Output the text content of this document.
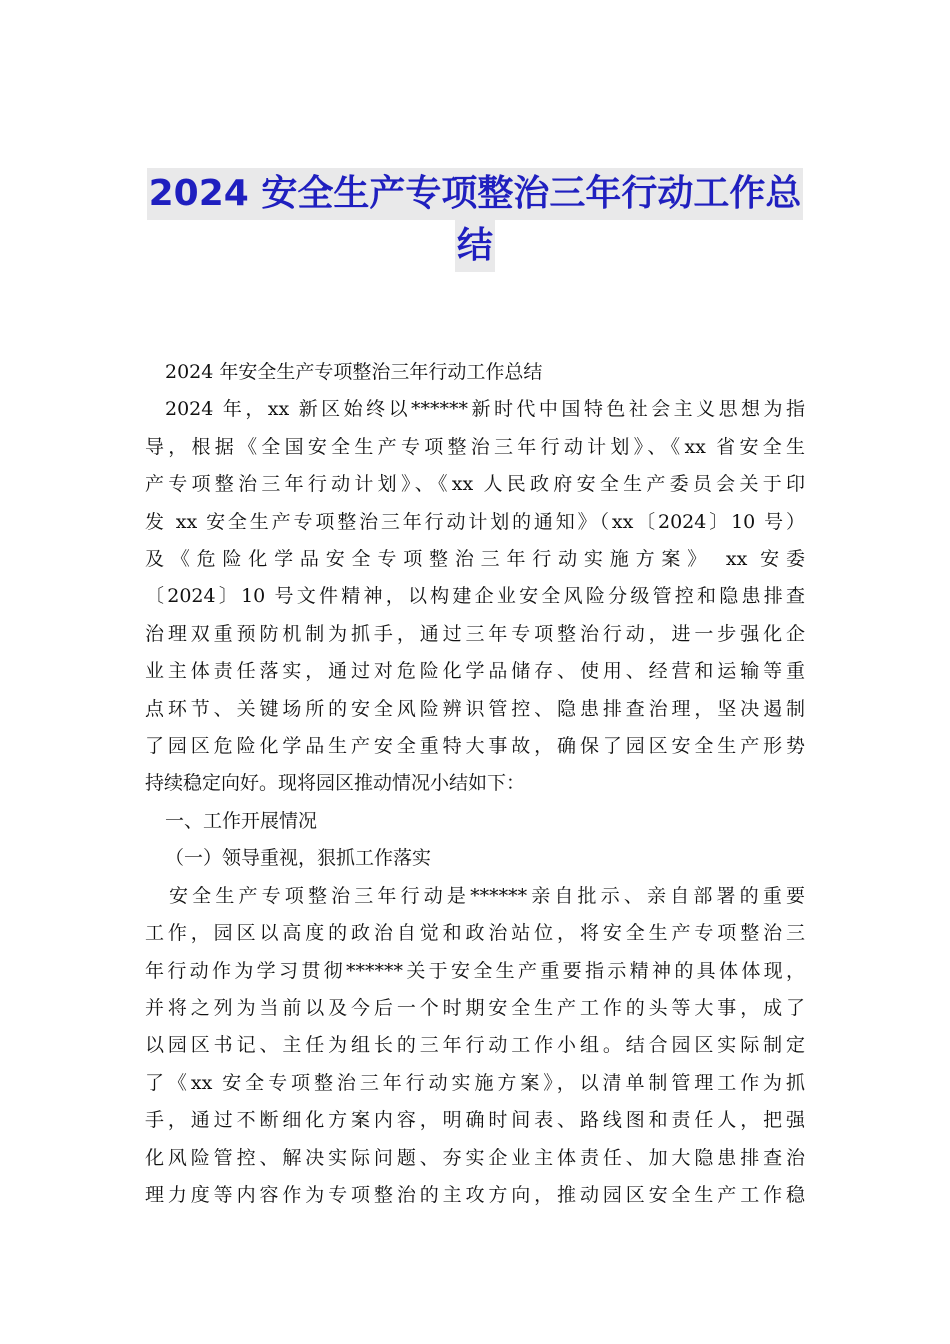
2024 安全生产专项整治三年行动工作总
结

2024 年安全生产专项整治三年行动工作总结

2024 年，xx 新区始终以******新时代中国特色社会主义思想为指

导，根据《全国安全生产专项整治三年行动计划》、《xx 省安全生

产专项整治三年行动计划》、《xx 人民政府安全生产委员会关于印

发 xx 安全生产专项整治三年行动计划的通知》（xx〔2024〕10 号）

及《危险化学品安全专项整治三年行动实施方案》 xx 安委

〔2024〕10 号文件精神，以构建企业安全风险分级管控和隐患排查

治理双重预防机制为抓手，通过三年专项整治行动，进一步强化企

业主体责任落实，通过对危险化学品储存、使用、经营和运输等重

点环节、关键场所的安全风险辨识管控、隐患排查治理，坚决遏制

了园区危险化学品生产安全重特大事故，确保了园区安全生产形势

持续稳定向好。现将园区推动情况小结如下：

一、工作开展情况

（一）领导重视，狠抓工作落实

安全生产专项整治三年行动是******亲自批示、亲自部署的重要

工作，园区以高度的政治自觉和政治站位，将安全生产专项整治三

年行动作为学习贯彻******关于安全生产重要指示精神的具体体现，

并将之列为当前以及今后一个时期安全生产工作的头等大事，成了

以园区书记、主任为组长的三年行动工作小组。结合园区实际制定

了《xx 安全专项整治三年行动实施方案》，以清单制管理工作为抓

手，通过不断细化方案内容，明确时间表、路线图和责任人，把强

化风险管控、解决实际问题、夯实企业主体责任、加大隐患排查治

理力度等内容作为专项整治的主攻方向，推动园区安全生产工作稳
